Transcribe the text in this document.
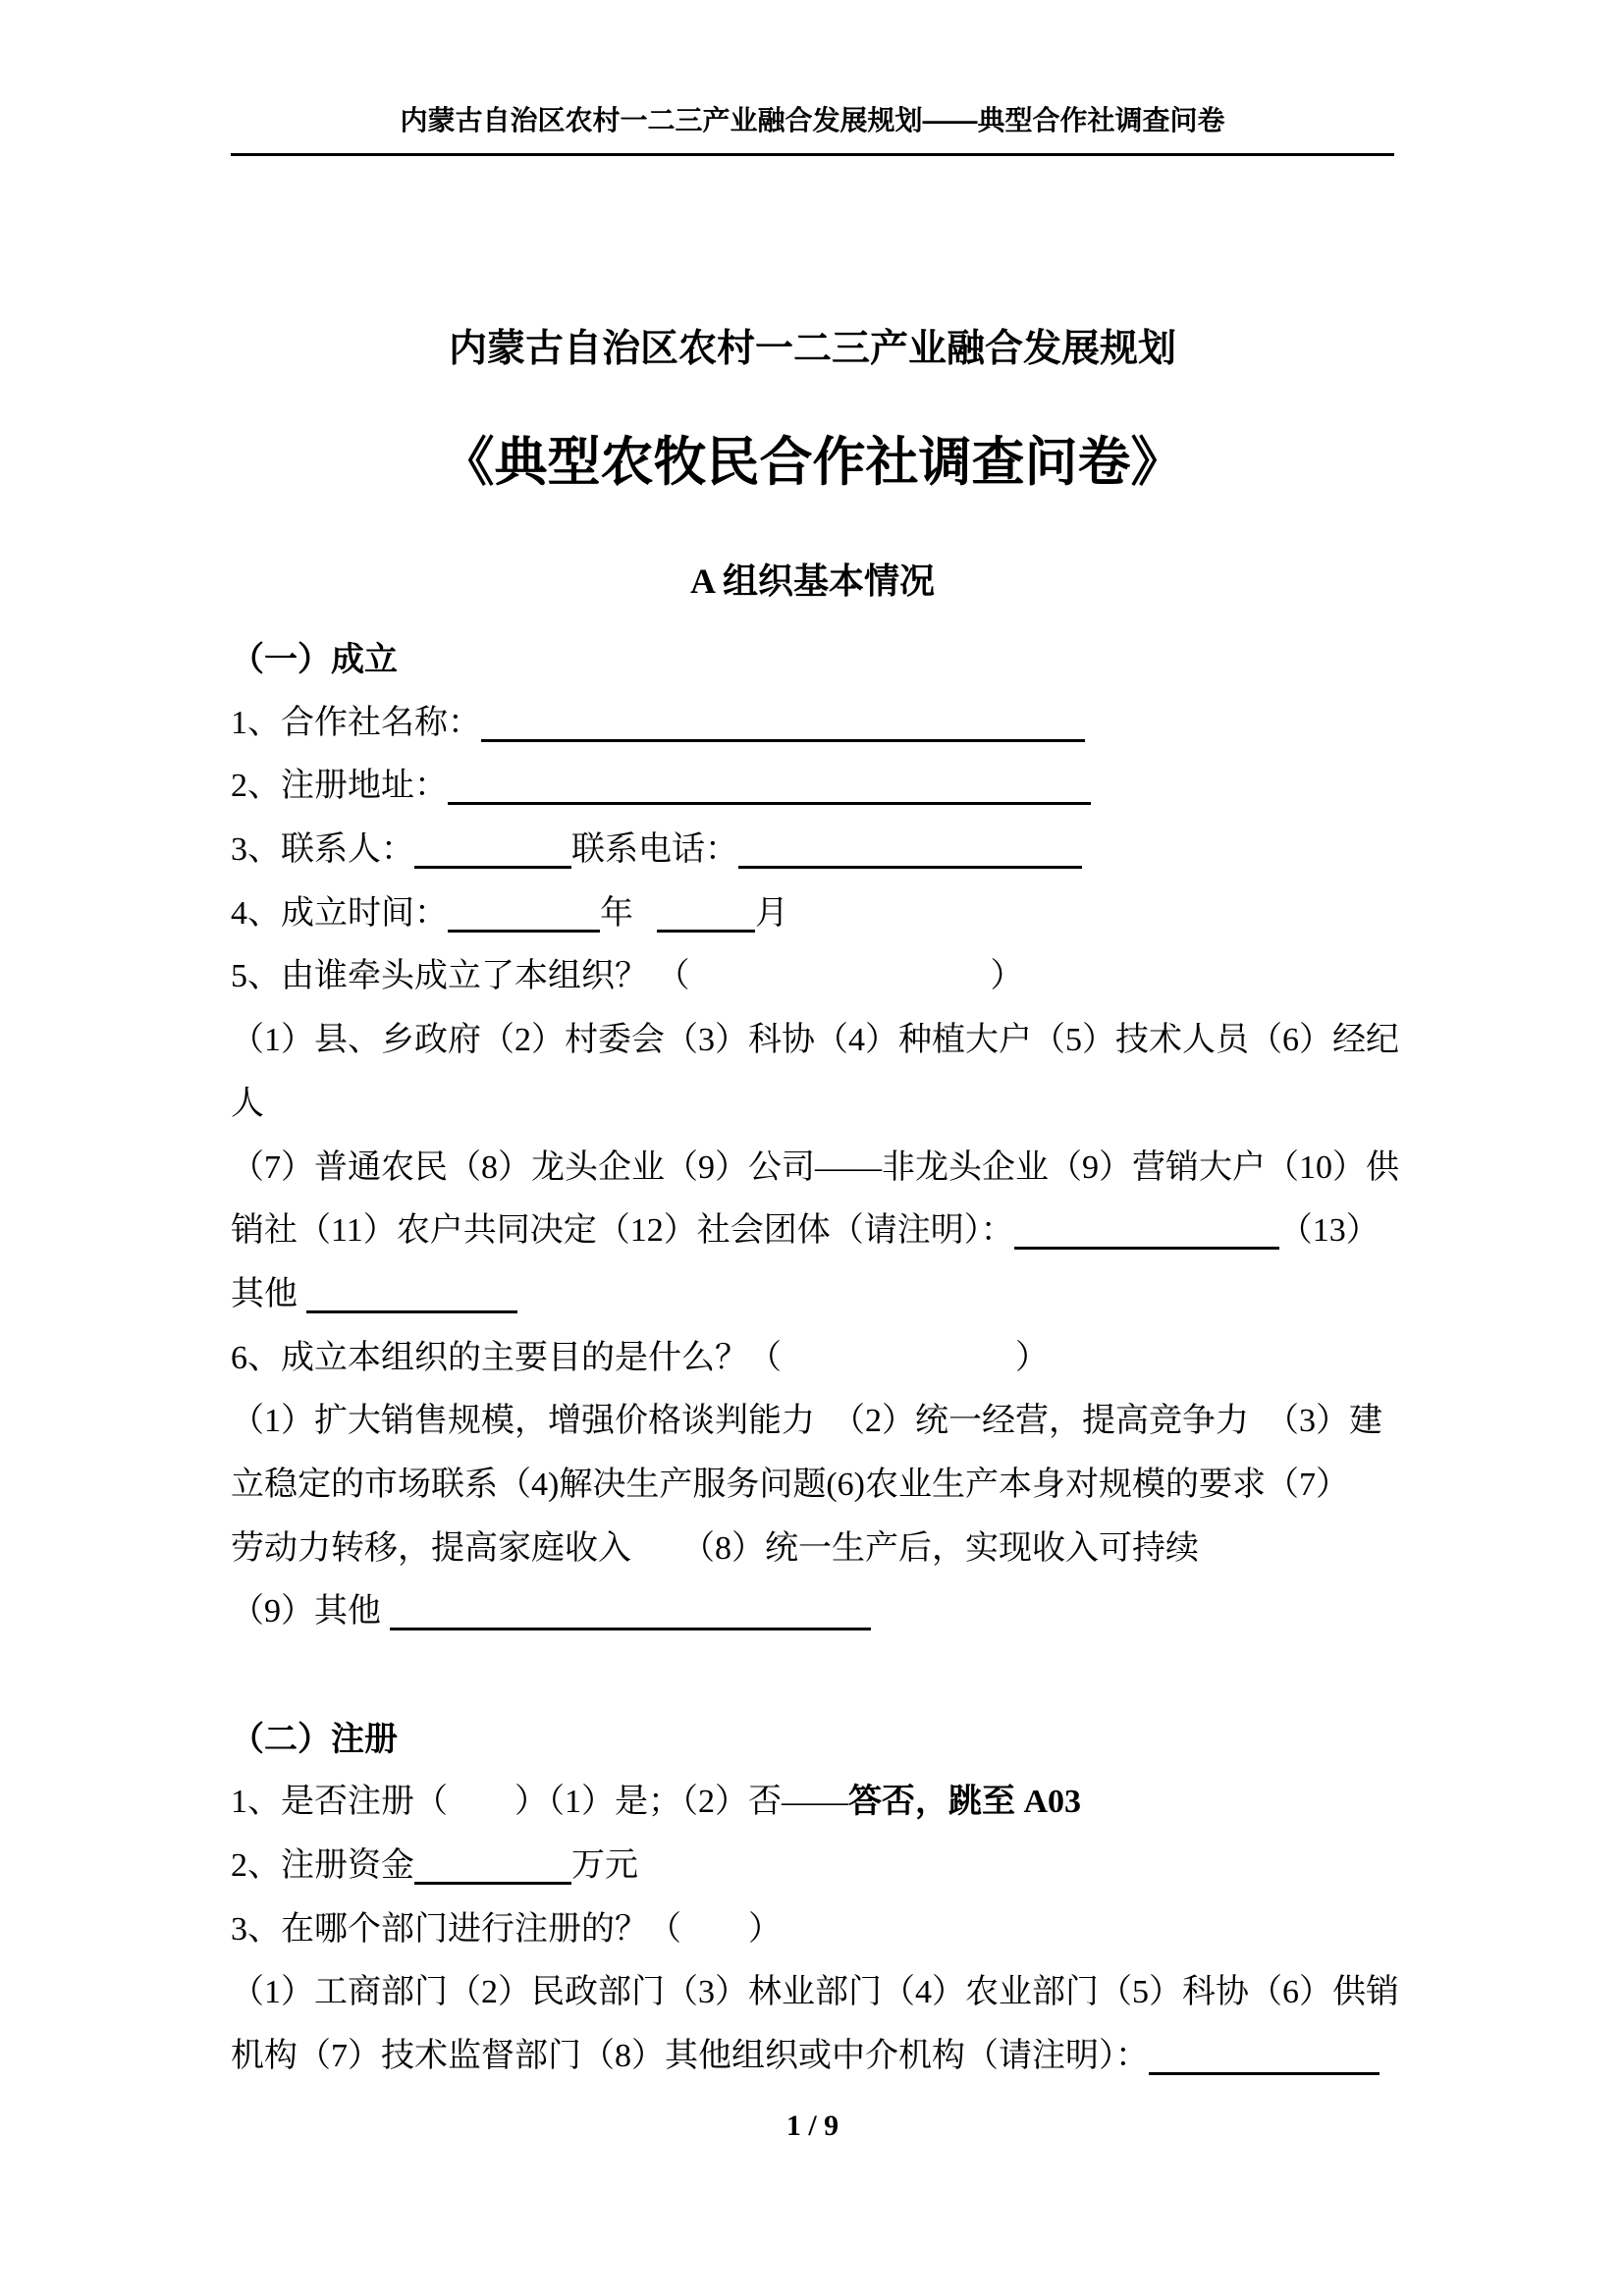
内蒙古自治区农村一二三产业融合发展规划——典型合作社调查问卷
内蒙古自治区农村一二三产业融合发展规划
《典型农牧民合作社调查问卷》
A 组织基本情况
（一）成立
1、合作社名称：
2、注册地址：
3、联系人：	联系电话：
4、成立时间：	年	月
5、由谁牵头成立了本组织？ （　　　　　　　　　）
（1）县、乡政府（2）村委会（3）科协（4）种植大户（5）技术人员（6）经纪
人
（7）普通农民（8）龙头企业（9）公司——非龙头企业（9）营销大户（10）供
销社（11）农户共同决定（12）社会团体（请注明）：	（13）
其他
6、成立本组织的主要目的是什么？（　　　　　　　）
（1）扩大销售规模，增强价格谈判能力　（2）统一经营，提高竞争力　（3）建
立稳定的市场联系（4)解决生产服务问题(6)农业生产本身对规模的要求（7）
劳动力转移，提高家庭收入　　（8）统一生产后，实现收入可持续
（9）其他
（二）注册
1、是否注册（　　）（1）是；（2）否——答否，跳至 A03
2、注册资金	万元
3、在哪个部门进行注册的？（　　）
（1）工商部门（2）民政部门（3）林业部门（4）农业部门（5）科协（6）供销
机构（7）技术监督部门（8）其他组织或中介机构（请注明）：
1 / 9
